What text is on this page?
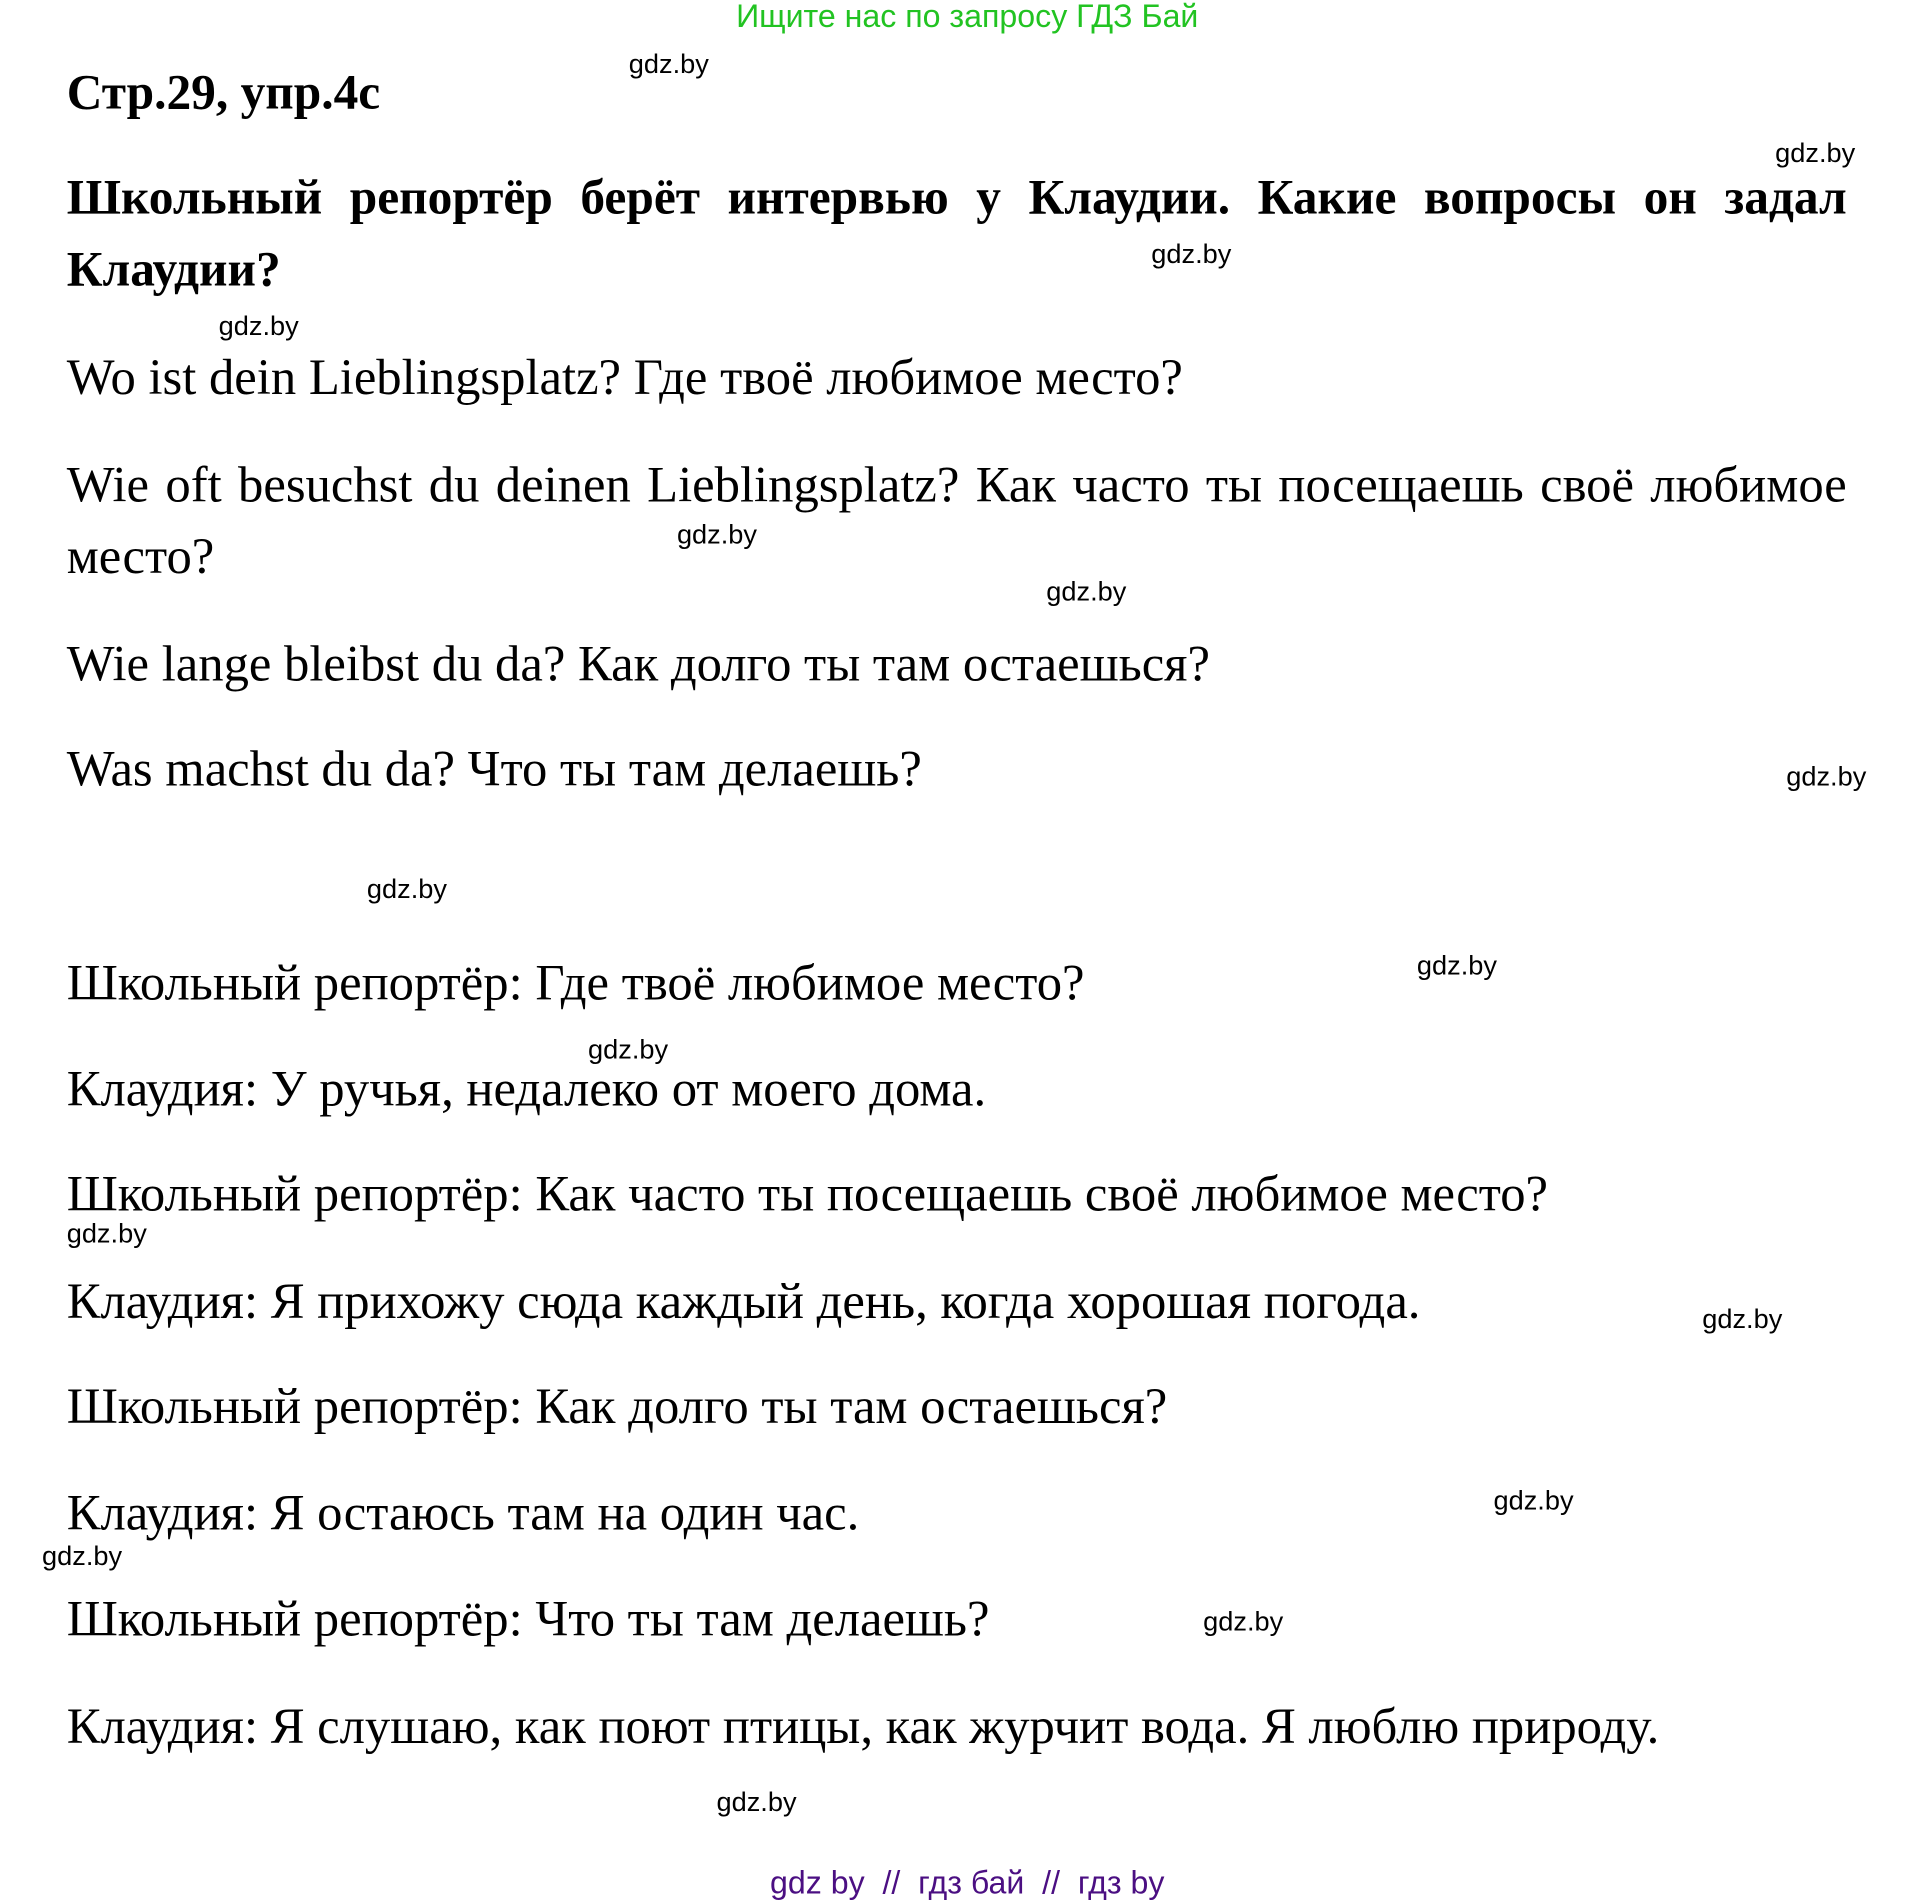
Ищите нас по запросу ГДЗ Бай
Стр.29, упр.4с
Школьный репортёр берёт интервью у Клаудии. Какие вопросы он задал Клаудии?
Wo ist dein Lieblingsplatz? Где твоё любимое место?
Wie oft besuchst du deinen Lieblingsplatz? Как часто ты посещаешь своё любимое место?
Wie lange bleibst du da? Как долго ты там остаешься?
Was machst du da? Что ты там делаешь?
Школьный репортёр: Где твоё любимое место?
Клаудия: У ручья, недалеко от моего дома.
Школьный репортёр: Как часто ты посещаешь своё любимое место?
Клаудия: Я прихожу сюда каждый день, когда хорошая погода.
Школьный репортёр: Как долго ты там остаешься?
Клаудия: Я остаюсь там на один час.
Школьный репортёр: Что ты там делаешь?
Клаудия: Я слушаю, как поют птицы, как журчит вода. Я люблю природу.
gdz.by
gdz.by
gdz.by
gdz.by
gdz.by
gdz.by
gdz.by
gdz.by
gdz.by
gdz.by
gdz.by
gdz.by
gdz.by
gdz.by
gdz.by
gdz.by
gdz by  //  гдз бай  //  гдз by
